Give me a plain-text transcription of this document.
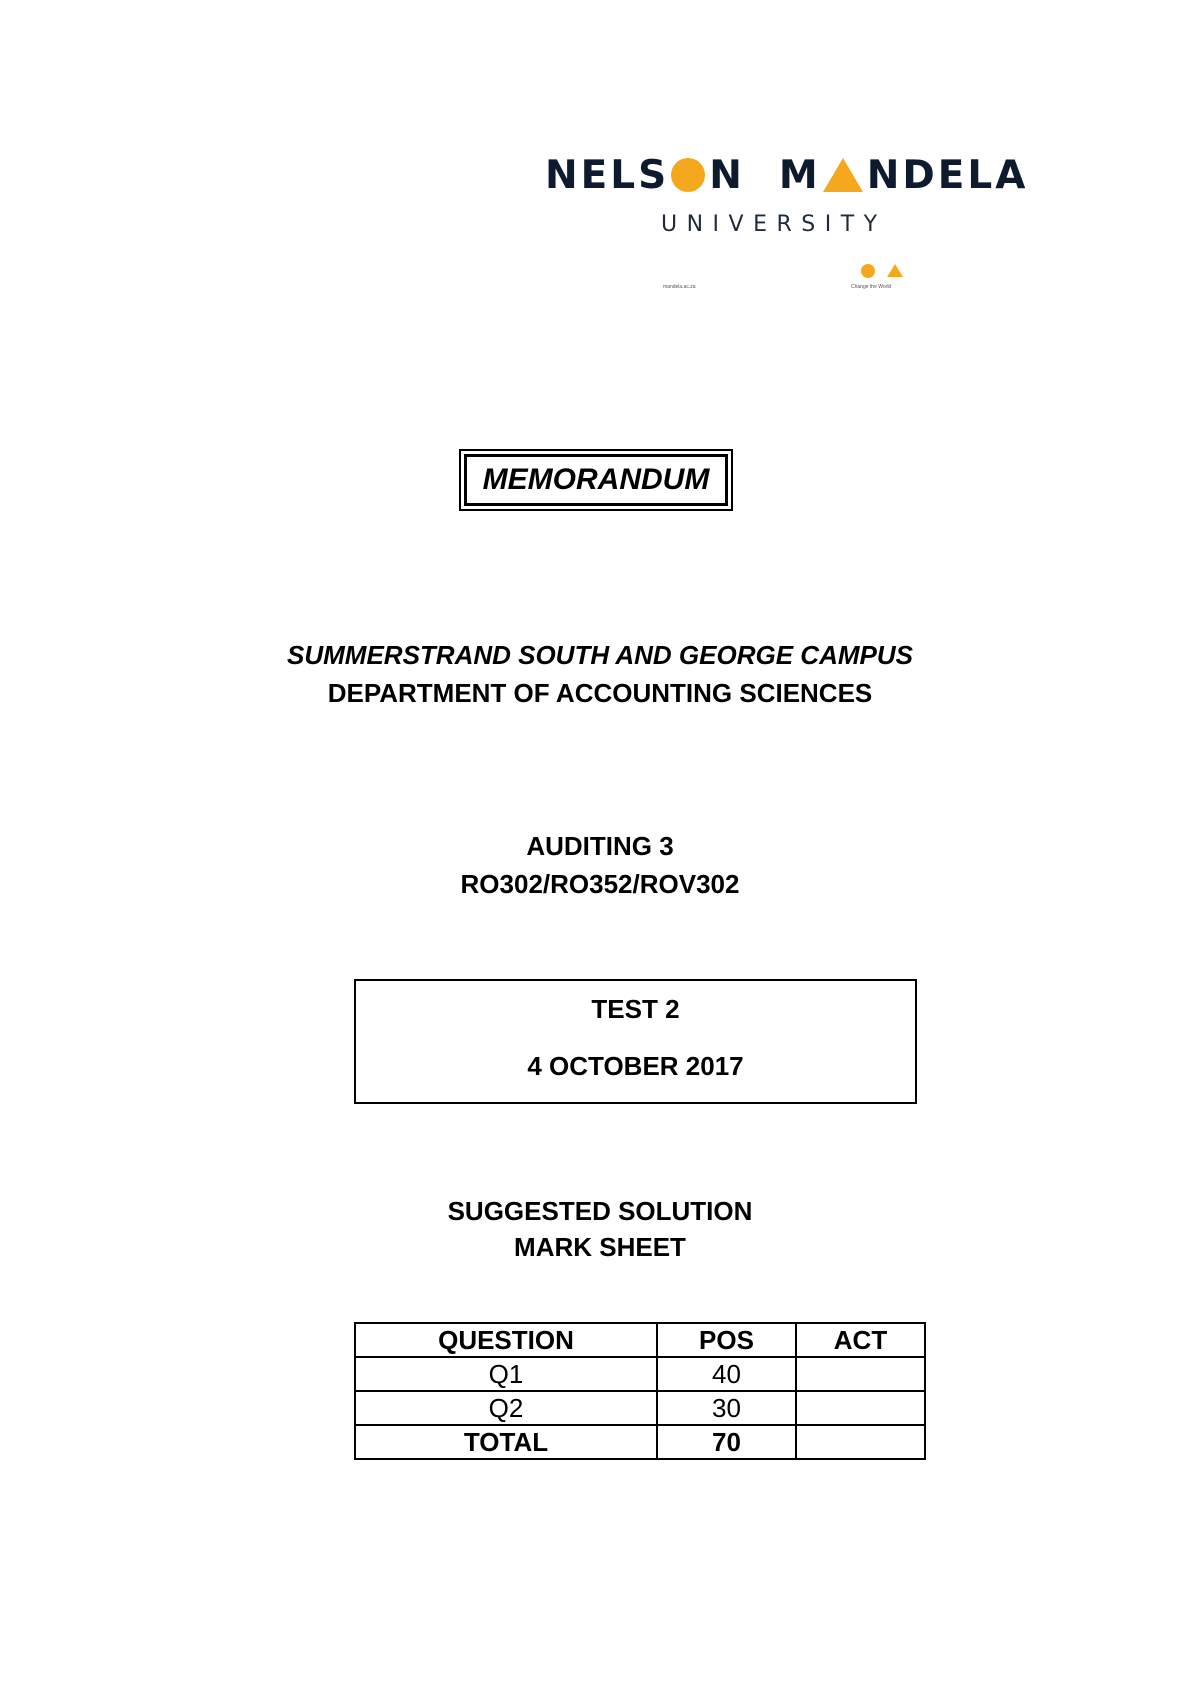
NELS N M NDELA
UNIVERSITY
mandela.ac.za	Change the World
MEMORANDUM
SUMMERSTRAND SOUTH AND GEORGE CAMPUS
DEPARTMENT OF ACCOUNTING SCIENCES
AUDITING 3
RO302/RO352/ROV302
TEST 2
4 OCTOBER 2017
SUGGESTED SOLUTION
MARK SHEET
QUESTION	POS	ACT
Q1	40	
Q2	30	
TOTAL	70	
